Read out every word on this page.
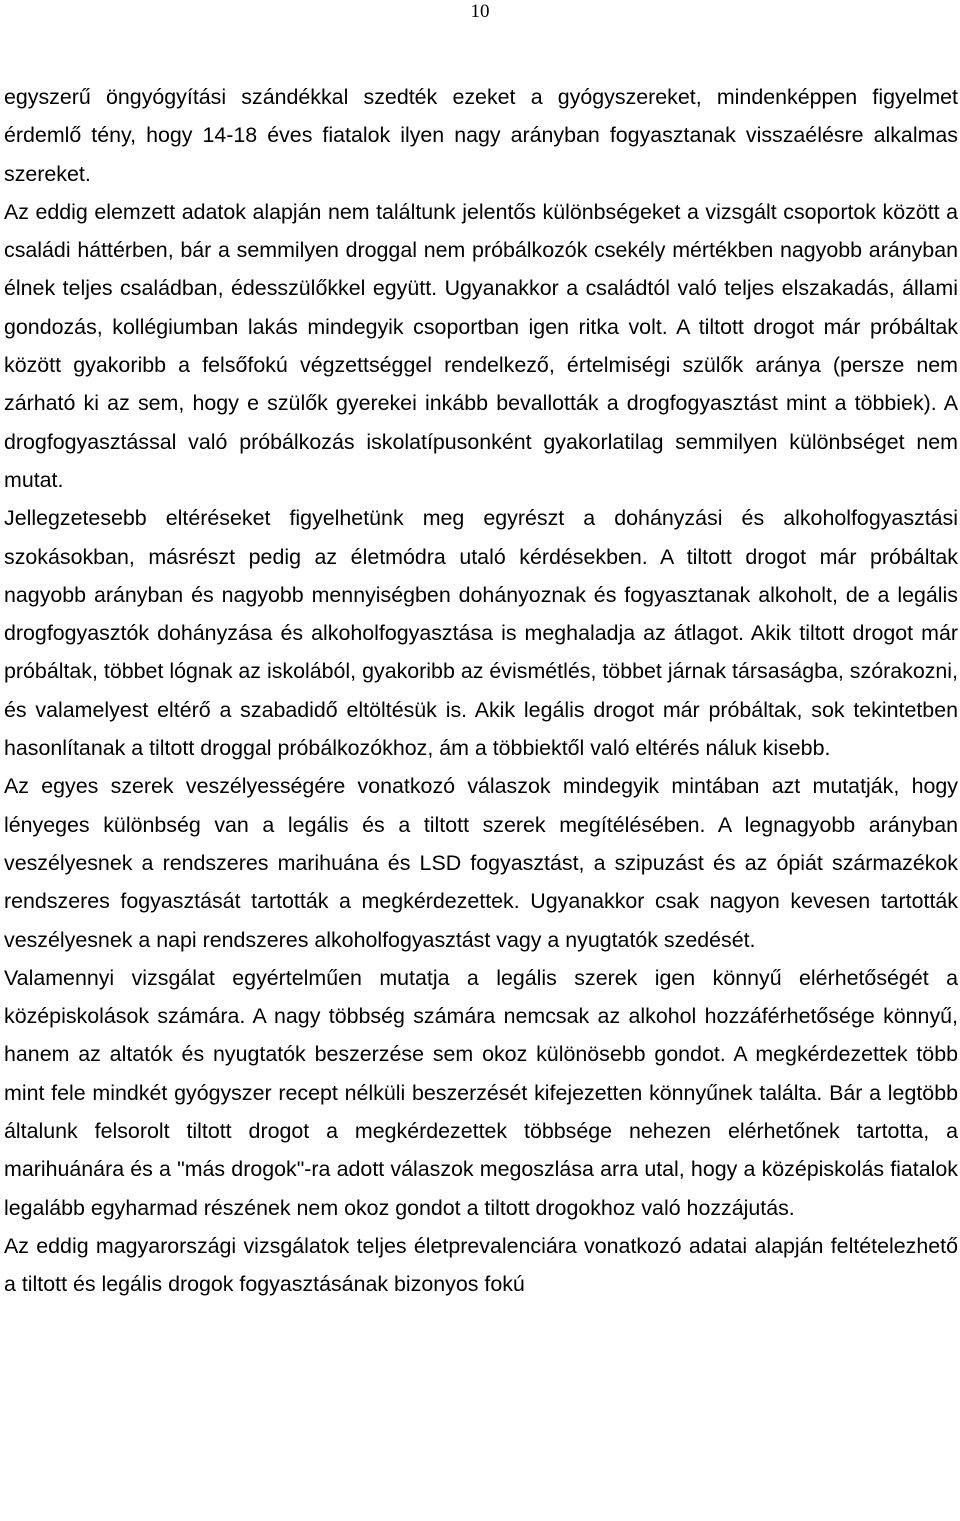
10

egyszerű öngyógyítási szándékkal szedték ezeket a gyógyszereket, mindenképpen figyelmet érdemlő tény, hogy 14-18 éves fiatalok ilyen nagy arányban fogyasztanak visszaélésre alkalmas szereket.

Az eddig elemzett adatok alapján nem találtunk jelentős különbségeket a vizsgált csoportok között a családi háttérben, bár a semmilyen droggal nem próbálkozók csekély mértékben nagyobb arányban élnek teljes családban, édesszülőkkel együtt. Ugyanakkor a családtól való teljes elszakadás, állami gondozás, kollégiumban lakás mindegyik csoportban igen ritka volt. A tiltott drogot már próbáltak között gyakoribb a felsőfokú végzettséggel rendelkező, értelmiségi szülők aránya (persze nem zárható ki az sem, hogy e szülők gyerekei inkább bevallották a drogfogyasztást mint a többiek). A drogfogyasztással való próbálkozás iskolatípusonként gyakorlatilag semmilyen különbséget nem mutat.

Jellegzetesebb eltéréseket figyelhetünk meg egyrészt a dohányzási és alkoholfogyasztási szokásokban, másrészt pedig az életmódra utaló kérdésekben. A tiltott drogot már próbáltak nagyobb arányban és nagyobb mennyiségben dohányoznak és fogyasztanak alkoholt, de a legális drogfogyasztók dohányzása és alkoholfogyasztása is meghaladja az átlagot. Akik tiltott drogot már próbáltak, többet lógnak az iskolából, gyakoribb az évismétlés, többet járnak társaságba, szórakozni, és valamelyest eltérő a szabadidő eltöltésük is. Akik legális drogot már próbáltak, sok tekintetben hasonlítanak a tiltott droggal próbálkozókhoz, ám a többiektől való eltérés náluk kisebb.

Az egyes szerek veszélyességére vonatkozó válaszok mindegyik mintában azt mutatják, hogy lényeges különbség van a legális és a tiltott szerek megítélésében. A legnagyobb arányban veszélyesnek a rendszeres marihuána és LSD fogyasztást, a szipuzást és az ópiát származékok rendszeres fogyasztását tartották a megkérdezettek. Ugyanakkor csak nagyon kevesen tartották veszélyesnek a napi rendszeres alkoholfogyasztást vagy a nyugtatók szedését.

Valamennyi vizsgálat egyértelműen mutatja a legális szerek igen könnyű elérhetőségét a középiskolások számára. A nagy többség számára nemcsak az alkohol hozzáférhetősége könnyű, hanem az altatók és nyugtatók beszerzése sem okoz különösebb gondot. A megkérdezettek több mint fele mindkét gyógyszer recept nélküli beszerzését kifejezetten könnyűnek találta. Bár a legtöbb általunk felsorolt tiltott drogot a megkérdezettek többsége nehezen elérhetőnek tartotta, a marihuánára és a "más drogok"-ra adott válaszok megoszlása arra utal, hogy a középiskolás fiatalok legalább egyharmad részének nem okoz gondot a tiltott drogokhoz való hozzájutás.

Az eddig magyarországi vizsgálatok teljes életprevalenciára vonatkozó adatai alapján feltételezhető a tiltott és legális drogok fogyasztásának bizonyos fokú
